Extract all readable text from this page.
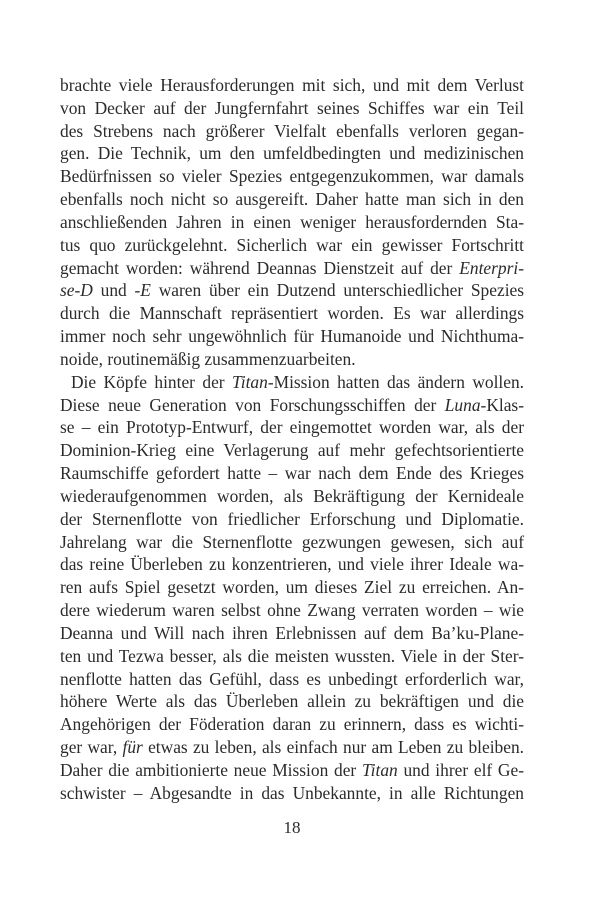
brachte viele Herausforderungen mit sich, und mit dem Verlust
von Decker auf der Jungfernfahrt seines Schiffes war ein Teil
des Strebens nach größerer Vielfalt ebenfalls verloren gegan-
gen. Die Technik, um den umfeldbedingten und medizinischen
Bedürfnissen so vieler Spezies entgegenzukommen, war damals
ebenfalls noch nicht so ausgereift. Daher hatte man sich in den
anschließenden Jahren in einen weniger herausfordernden Sta-
tus quo zurückgelehnt. Sicherlich war ein gewisser Fortschritt
gemacht worden: während Deannas Dienstzeit auf der Enterpri-
se-D und -E waren über ein Dutzend unterschiedlicher Spezies
durch die Mannschaft repräsentiert worden. Es war allerdings
immer noch sehr ungewöhnlich für Humanoide und Nichthuma-
noide, routinemäßig zusammenzuarbeiten.
Die Köpfe hinter der Titan-Mission hatten das ändern wollen.
Diese neue Generation von Forschungsschiffen der Luna-Klas-
se – ein Prototyp-Entwurf, der eingemottet worden war, als der
Dominion-Krieg eine Verlagerung auf mehr gefechtsorientierte
Raumschiffe gefordert hatte – war nach dem Ende des Krieges
wiederaufgenommen worden, als Bekräftigung der Kernideale
der Sternenflotte von friedlicher Erforschung und Diplomatie.
Jahrelang war die Sternenflotte gezwungen gewesen, sich auf
das reine Überleben zu konzentrieren, und viele ihrer Ideale wa-
ren aufs Spiel gesetzt worden, um dieses Ziel zu erreichen. An-
dere wiederum waren selbst ohne Zwang verraten worden – wie
Deanna und Will nach ihren Erlebnissen auf dem Ba’ku-Plane-
ten und Tezwa besser, als die meisten wussten. Viele in der Ster-
nenflotte hatten das Gefühl, dass es unbedingt erforderlich war,
höhere Werte als das Überleben allein zu bekräftigen und die
Angehörigen der Föderation daran zu erinnern, dass es wichti-
ger war, für etwas zu leben, als einfach nur am Leben zu bleiben.
Daher die ambitionierte neue Mission der Titan und ihrer elf Ge-
schwister – Abgesandte in das Unbekannte, in alle Richtungen
18
